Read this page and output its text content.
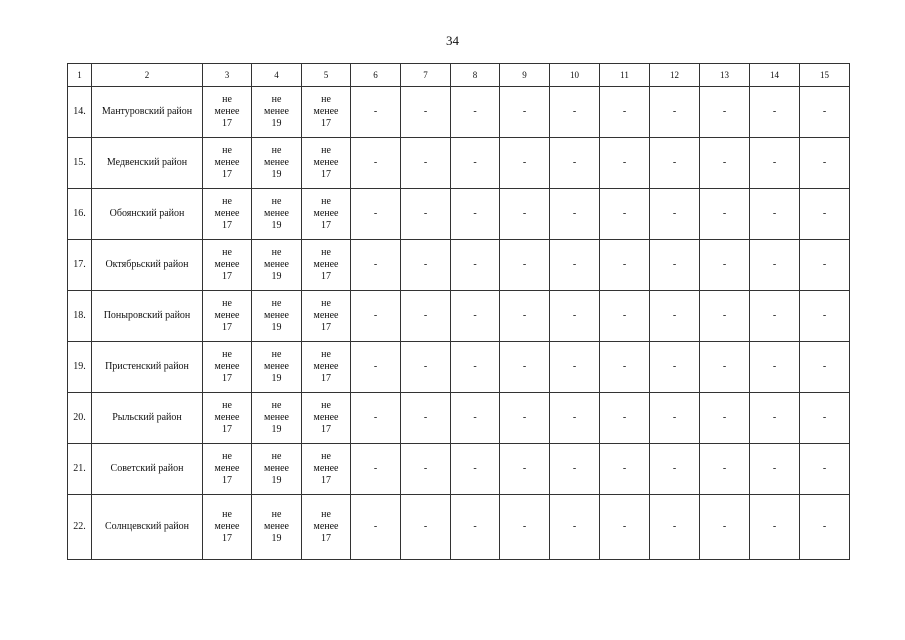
34
1	2	3	4	5	6	7	8	9	10	11	12	13	14	15
14.	Мантуровский район	не
менее
17	не
менее
19	не
менее
17	-	-	-	-	-	-	-	-	-	-
15.	Медвенский район	не
менее
17	не
менее
19	не
менее
17	-	-	-	-	-	-	-	-	-	-
16.	Обоянский район	не
менее
17	не
менее
19	не
менее
17	-	-	-	-	-	-	-	-	-	-
17.	Октябрьский район	не
менее
17	не
менее
19	не
менее
17	-	-	-	-	-	-	-	-	-	-
18.	Поныровский район	не
менее
17	не
менее
19	не
менее
17	-	-	-	-	-	-	-	-	-	-
19.	Пристенский район	не
менее
17	не
менее
19	не
менее
17	-	-	-	-	-	-	-	-	-	-
20.	Рыльский район	не
менее
17	не
менее
19	не
менее
17	-	-	-	-	-	-	-	-	-	-
21.	Советский район	не
менее
17	не
менее
19	не
менее
17	-	-	-	-	-	-	-	-	-	-
22.	Солнцевский район	не
менее
17	не
менее
19	не
менее
17	-	-	-	-	-	-	-	-	-	-
